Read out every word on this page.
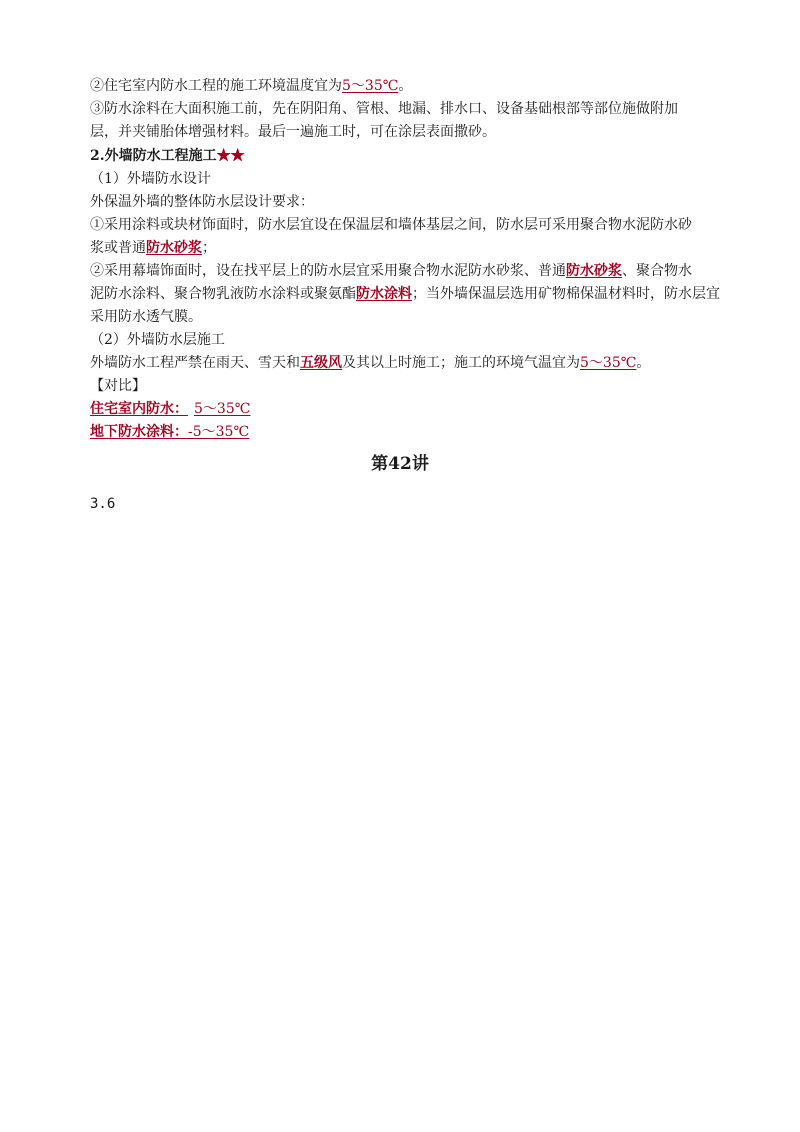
②住宅室内防水工程的施工环境温度宜为5～35℃。
③防水涂料在大面积施工前，先在阴阳角、管根、地漏、排水口、设备基础根部等部位施做附加
层，并夹铺胎体增强材料。最后一遍施工时，可在涂层表面撒砂。
2.外墙防水工程施工★★
（1）外墙防水设计
外保温外墙的整体防水层设计要求：
①采用涂料或块材饰面时，防水层宜设在保温层和墙体基层之间，防水层可采用聚合物水泥防水砂
浆或普通防水砂浆；
②采用幕墙饰面时，设在找平层上的防水层宜采用聚合物水泥防水砂浆、普通防水砂浆、聚合物水
泥防水涂料、聚合物乳液防水涂料或聚氨酯防水涂料；当外墙保温层选用矿物棉保温材料时，防水层宜
采用防水透气膜。
（2）外墙防水层施工
外墙防水工程严禁在雨天、雪天和五级风及其以上时施工；施工的环境气温宜为5～35℃。
【对比】
住宅室内防水： 5～35℃
地下防水涂料：-5～35℃
第42讲
3.6
